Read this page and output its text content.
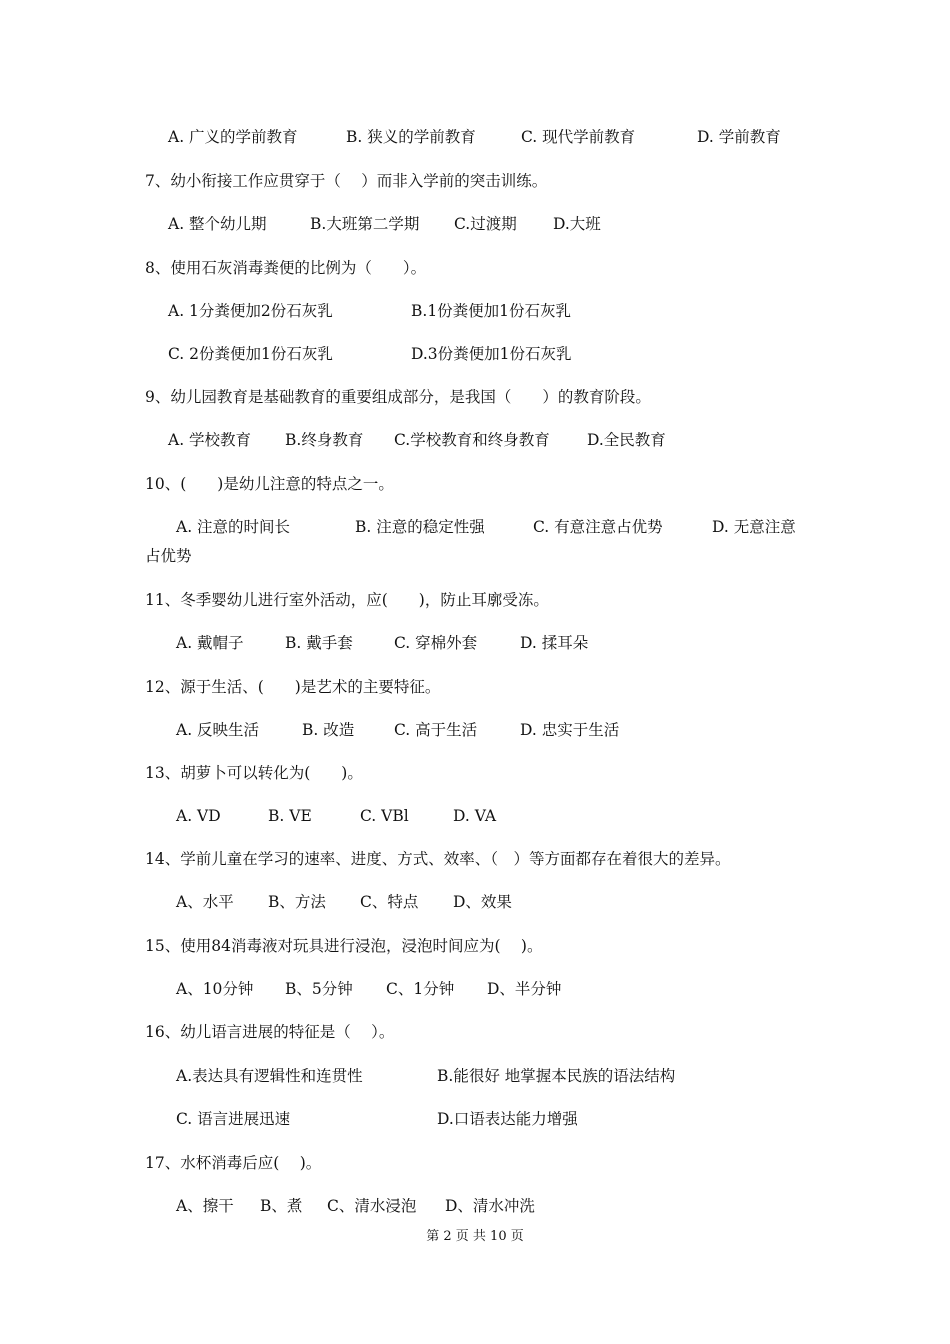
A. 广义的学前教育	B. 狭义的学前教育	C. 现代学前教育	D. 学前教育
7、幼小衔接工作应贯穿于（　 ）而非入学前的突击训练。
A. 整个幼儿期	B.大班第二学期 C.过渡期 D.大班
8、使用石灰消毒粪便的比例为（　　）。
A. 1分粪便加2份石灰乳	B.1份粪便加1份石灰乳
C. 2份粪便加1份石灰乳	D.3份粪便加1份石灰乳
9、幼儿园教育是基础教育的重要组成部分，是我国（　　）的教育阶段。
A. 学校教育 B.终身教育 C.学校教育和终身教育 D.全民教育
10、(　　)是幼儿注意的特点之一。
A. 注意的时间长	B. 注意的稳定性强	C. 有意注意占优势	D. 无意注意
占优势
11、冬季婴幼儿进行室外活动，应(　　)，防止耳廓受冻。
A. 戴帽子	B. 戴手套	C. 穿棉外套	D. 揉耳朵
12、源于生活、(　　)是艺术的主要特征。
A. 反映生活	B. 改造	C. 高于生活	D. 忠实于生活
13、胡萝卜可以转化为(　　)。
A. VD	B. VE	C. VBl	D. VA
14、学前儿童在学习的速率、进度、方式、效率、（　）等方面都存在着很大的差异。
A、水平 B、方法 C、特点 D、效果
15、使用84消毒液对玩具进行浸泡，浸泡时间应为(　 )。
A、10分钟 B、5分钟 C、1分钟 D、半分钟
16、幼儿语言进展的特征是（　 ）。
A.表达具有逻辑性和连贯性	B.能很好 地掌握本民族的语法结构
C. 语言进展迅速	D.口语表达能力增强
17、水杯消毒后应(　 )。
A、擦干 B、煮 C、清水浸泡 D、清水冲洗
第 2 页 共 10 页
